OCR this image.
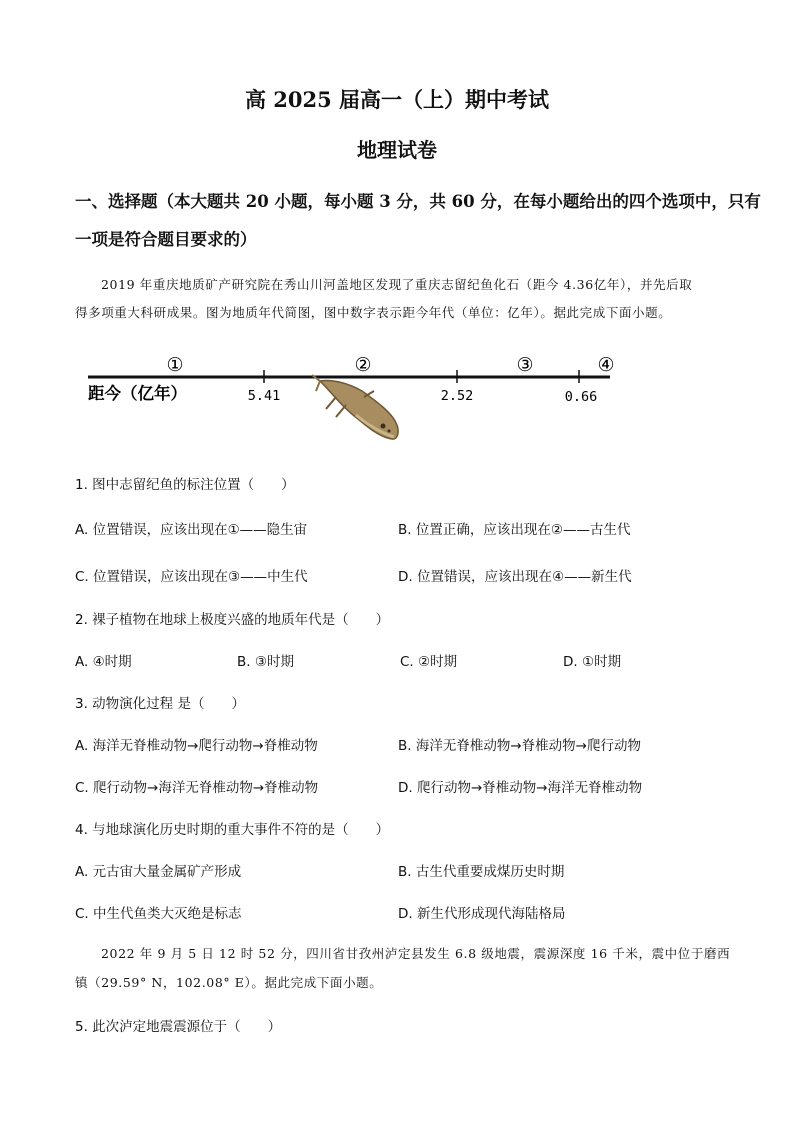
高 2025 届高一（上）期中考试
地理试卷
一、选择题（本大题共 20 小题，每小题 3 分，共 60 分，在每小题给出的四个选项中，只有
一项是符合题目要求的）
2019 年重庆地质矿产研究院在秀山川河盖地区发现了重庆志留纪鱼化石（距今 4.36亿年），并先后取
得多项重大科研成果。图为地质年代简图，图中数字表示距今年代（单位：亿年）。据此完成下面小题。
①	②	③	④
距今（亿年）	5.41	2.52	0.66
1. 图中志留纪鱼的标注位置（　　）
A. 位置错误，应该出现在①——隐生宙	B. 位置正确，应该出现在②——古生代
C. 位置错误，应该出现在③——中生代	D. 位置错误，应该出现在④——新生代
2. 裸子植物在地球上极度兴盛的地质年代是（　　）
A. ④时期	B. ③时期	C. ②时期	D. ①时期
3. 动物演化过程 是（　　）
A. 海洋无脊椎动物→爬行动物→脊椎动物	B. 海洋无脊椎动物→脊椎动物→爬行动物
C. 爬行动物→海洋无脊椎动物→脊椎动物	D. 爬行动物→脊椎动物→海洋无脊椎动物
4. 与地球演化历史时期的重大事件不符的是（　　）
A. 元古宙大量金属矿产形成	B. 古生代重要成煤历史时期
C. 中生代鱼类大灭绝是标志	D. 新生代形成现代海陆格局
2022 年 9 月 5 日 12 时 52 分，四川省甘孜州泸定县发生 6.8 级地震，震源深度 16 千米，震中位于磨西
镇（29.59° N，102.08° E）。据此完成下面小题。
5. 此次泸定地震震源位于（　　）
